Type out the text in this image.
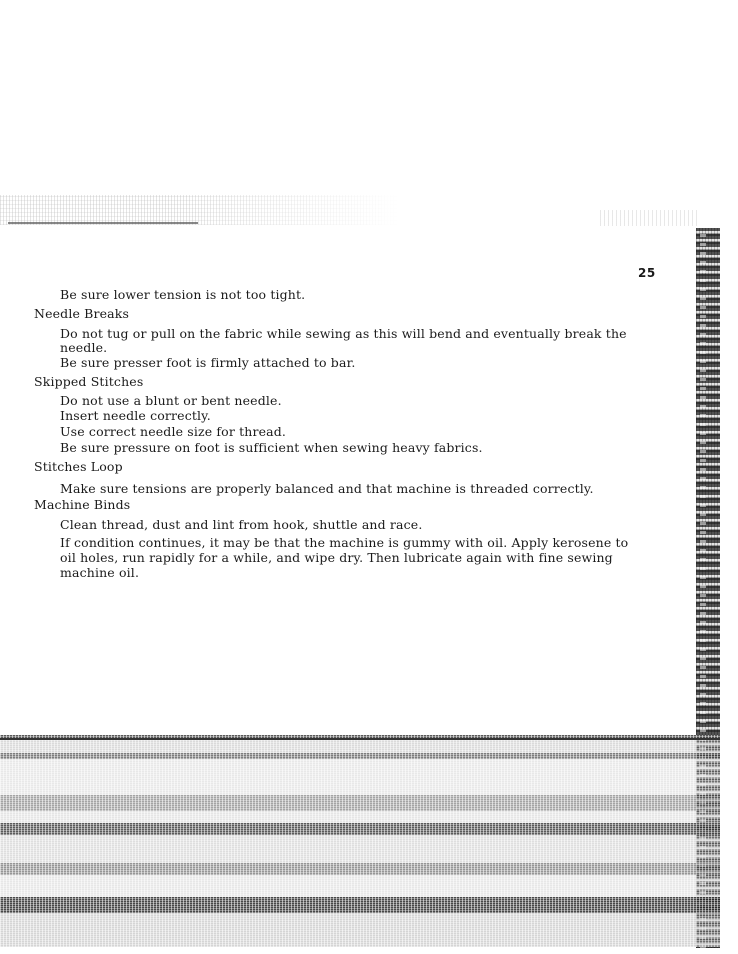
25
Be sure lower tension is not too tight.
Needle Breaks
Do not tug or pull on the fabric while sewing as this will bend and eventually break the
needle.
Be sure presser foot is firmly attached to bar.
Skipped Stitches
Do not use a blunt or bent needle.
Insert needle correctly.
Use correct needle size for thread.
Be sure pressure on foot is sufficient when sewing heavy fabrics.
Stitches Loop
Make sure tensions are properly balanced and that machine is threaded correctly.
Machine Binds
Clean thread, dust and lint from hook, shuttle and race.
If condition continues, it may be that the machine is gummy with oil. Apply kerosene to
oil holes, run rapidly for a while, and wipe dry. Then lubricate again with fine sewing
machine oil.
